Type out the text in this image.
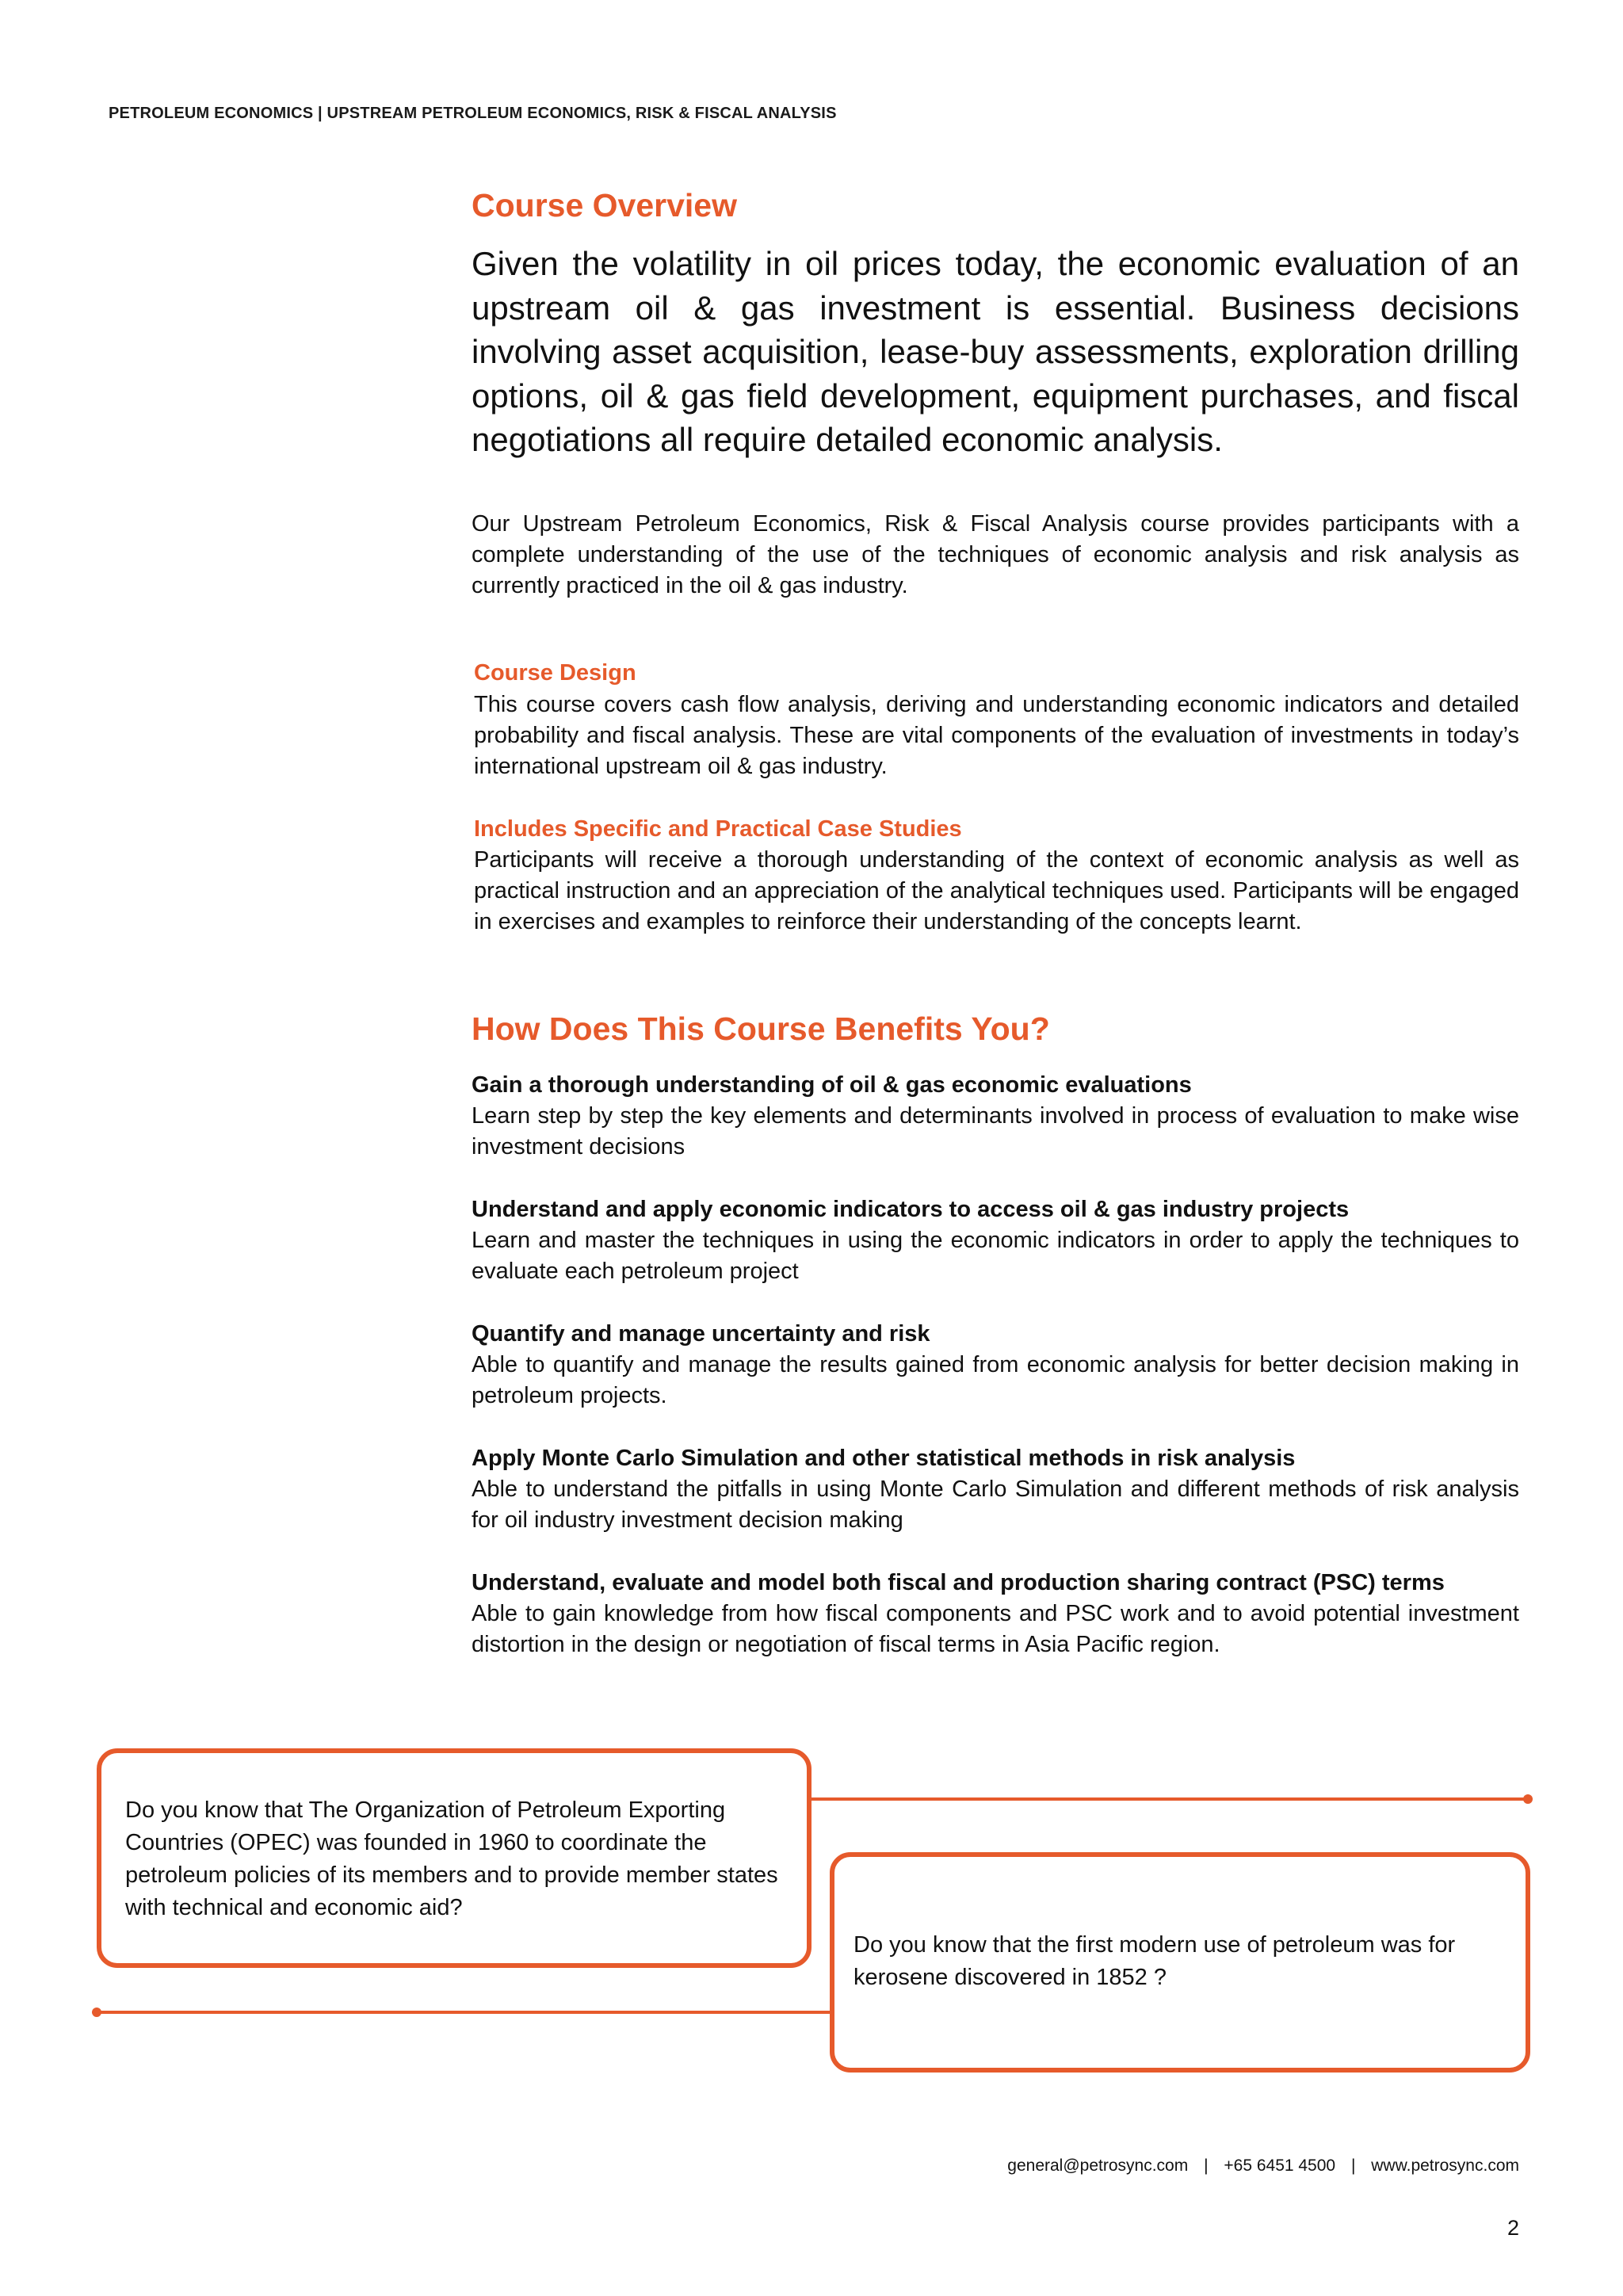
PETROLEUM ECONOMICS | UPSTREAM PETROLEUM ECONOMICS, RISK & FISCAL ANALYSIS
Course Overview
Given the volatility in oil prices today, the economic evaluation of an upstream oil & gas investment is essential. Business decisions involving asset acquisition, lease-buy assessments, exploration drilling options, oil & gas field development, equipment purchases, and fiscal negotiations all require detailed economic analysis.
Our Upstream Petroleum Economics, Risk & Fiscal Analysis course provides participants with a complete understanding of the use of the techniques of economic analysis and risk analysis as currently practiced in the oil & gas industry.
Course Design
This course covers cash flow analysis, deriving and understanding economic indicators and detailed probability and fiscal analysis. These are vital components of the evaluation of investments in today’s international upstream oil & gas industry.
Includes Specific and Practical Case Studies
Participants will receive a thorough understanding of the context of economic analysis as well as practical instruction and an appreciation of the analytical techniques used. Participants will be engaged in exercises and examples to reinforce their understanding of the concepts learnt.
How Does This Course Benefits You?
Gain a thorough understanding of oil & gas economic evaluations
Learn step by step the key elements and determinants involved in process of evaluation to make wise investment decisions
Understand and apply economic indicators to access oil & gas industry projects
Learn and master the techniques in using the economic indicators in order to apply the techniques to evaluate each petroleum project
Quantify and manage uncertainty and risk
Able to quantify and manage the results gained from economic analysis for better decision making in petroleum projects.
Apply Monte Carlo Simulation and other statistical methods in risk analysis
Able to understand the pitfalls in using Monte Carlo Simulation and different methods of risk analysis for oil industry investment decision making
Understand, evaluate and model both fiscal and production sharing contract (PSC) terms
Able to gain knowledge from how fiscal components and PSC work and to avoid potential investment distortion in the design or negotiation of fiscal terms in Asia Pacific region.
Do you know that The Organization of Petroleum Exporting Countries (OPEC) was founded in 1960 to coordinate the petroleum policies of its members and to provide member states with technical and economic aid?
Do you know that the first modern use of petroleum was for kerosene discovered in 1852 ?
general@petrosync.com | +65 6451 4500 | www.petrosync.com
2
